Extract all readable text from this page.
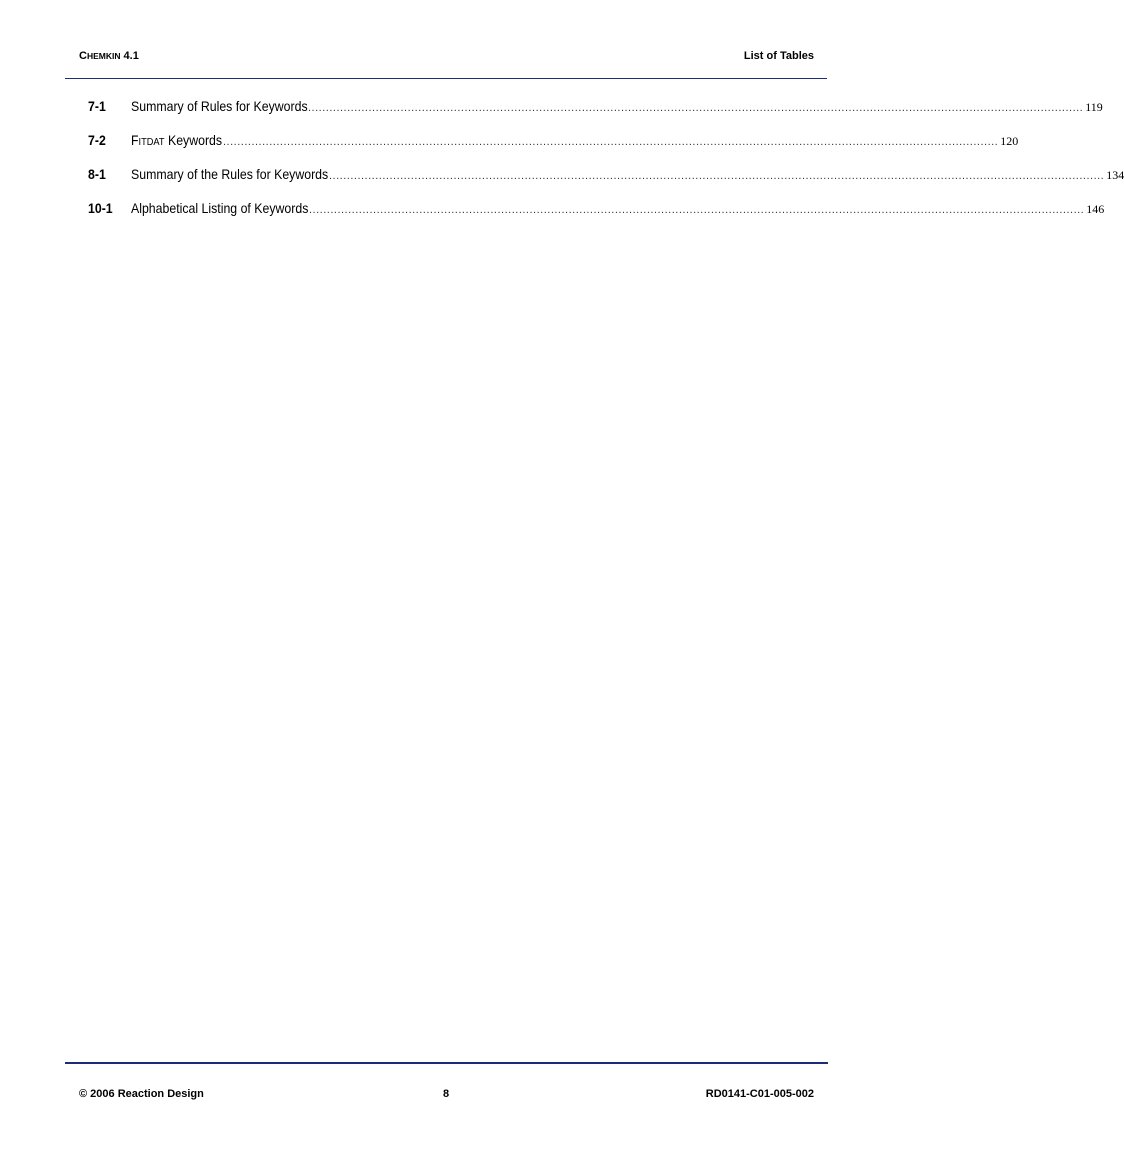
CHEMKIN 4.1	List of Tables
7-1	Summary of Rules for Keywords .......................................................................................................................................................................................................................... 119
7-2	FITDAT Keywords .......................................................................................................................................................................................................................... 120
8-1	Summary of the Rules for Keywords .......................................................................................................................................................................................................................... 134
10-1	Alphabetical Listing of Keywords .......................................................................................................................................................................................................................... 146
© 2006 Reaction Design	8	RD0141-C01-005-002
